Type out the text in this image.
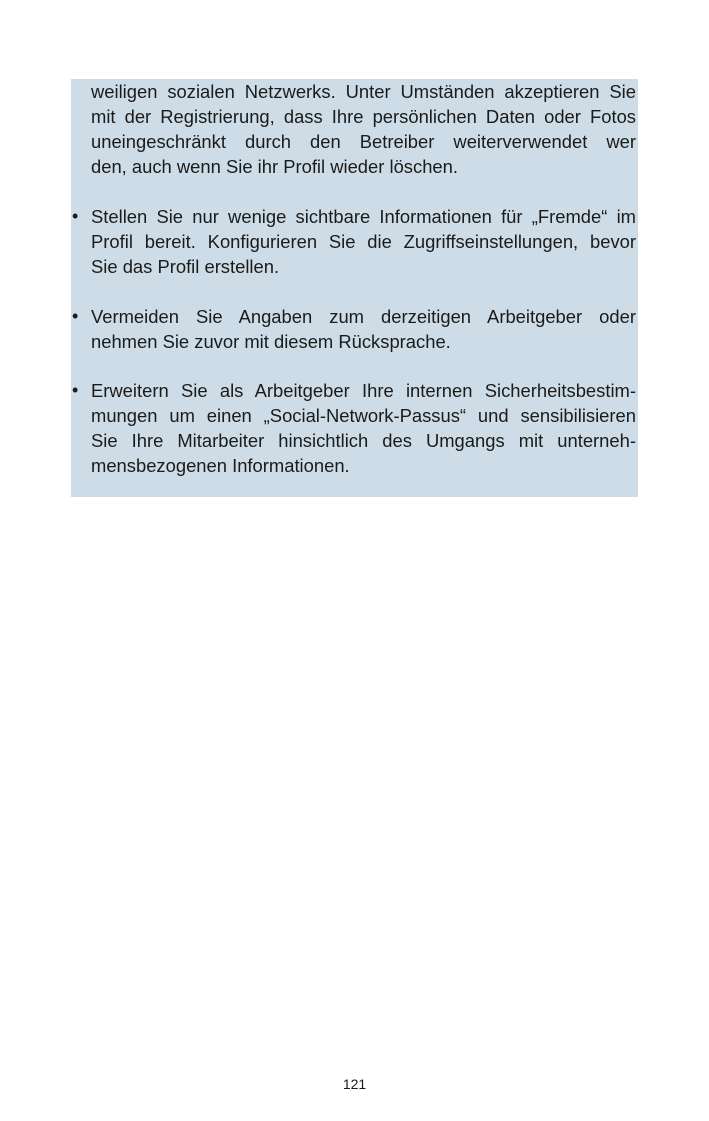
weiligen sozialen Netzwerks. Unter Umständen akzeptieren Sie
mit der Registrierung, dass Ihre persönlichen Daten oder Fotos
uneingeschränkt durch den Betreiber weiterverwendet wer
den, auch wenn Sie ihr Profil wieder löschen.
• Stellen Sie nur wenige sichtbare Informationen für „Fremde“ im
Profil bereit. Konfigurieren Sie die Zugriffseinstellungen, bevor
Sie das Profil erstellen.
• Vermeiden Sie Angaben zum derzeitigen Arbeitgeber oder
nehmen Sie zuvor mit diesem Rücksprache.
• Erweitern Sie als Arbeitgeber Ihre internen Sicherheitsbestim-
mungen um einen „Social-Network-Passus“ und sensibilisieren
Sie Ihre Mitarbeiter hinsichtlich des Umgangs mit unterneh-
mensbezogenen Informationen.
121
